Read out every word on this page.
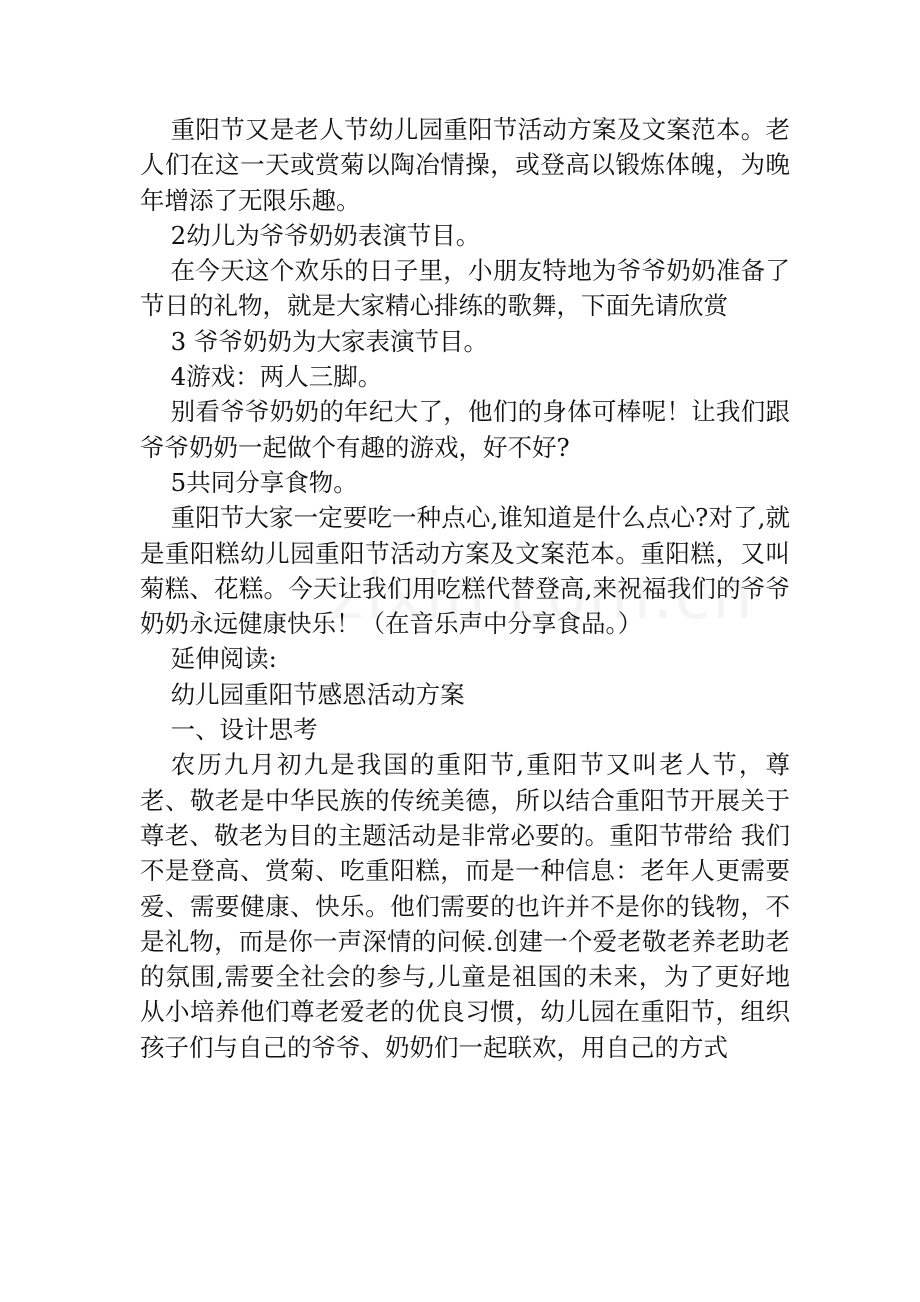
重阳节又是老人节幼儿园重阳节活动方案及文案范本。老人们在这一天或赏菊以陶冶情操，或登高以锻炼体魄，为晚年增添了无限乐趣。

2幼儿为爷爷奶奶表演节目。

在今天这个欢乐的日子里，小朋友特地为爷爷奶奶准备了节日的礼物，就是大家精心排练的歌舞，下面先请欣赏

3 爷爷奶奶为大家表演节目。

4游戏：两人三脚。

别看爷爷奶奶的年纪大了，他们的身体可棒呢！让我们跟爷爷奶奶一起做个有趣的游戏，好不好?

5共同分享食物。

重阳节大家一定要吃一种点心,谁知道是什么点心?对了,就是重阳糕幼儿园重阳节活动方案及文案范本。重阳糕，又叫菊糕、花糕。今天让我们用吃糕代替登高,来祝福我们的爷爷奶奶永远健康快乐！（在音乐声中分享食品。）

延伸阅读:

幼儿园重阳节感恩活动方案

一、设计思考

农历九月初九是我国的重阳节,重阳节又叫老人节，尊老、敬老是中华民族的传统美德，所以结合重阳节开展关于尊老、敬老为目的主题活动是非常必要的。重阳节带给 我们不是登高、赏菊、吃重阳糕，而是一种信息：老年人更需要爱、需要健康、快乐。他们需要的也许并不是你的钱物，不是礼物，而是你一声深情的问候.创建一个爱老敬老养老助老的氛围,需要全社会的参与,儿童是祖国的未来，为了更好地从小培养他们尊老爱老的优良习惯，幼儿园在重阳节，组织孩子们与自己的爷爷、奶奶们一起联欢，用自己的方式
